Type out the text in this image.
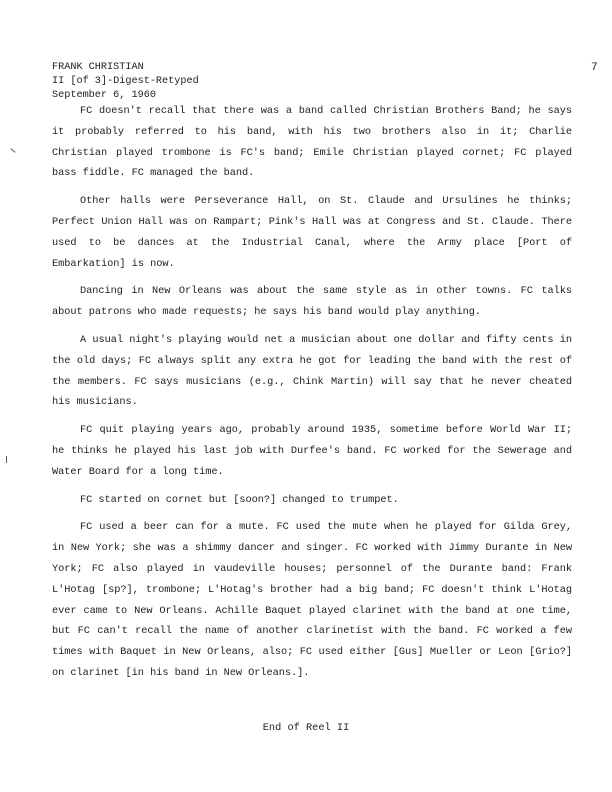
FRANK CHRISTIAN
II [of 3]-Digest-Retyped
September 6, 1960
7

FC doesn't recall that there was a band called Christian Brothers Band; he says it probably referred to his band, with his two brothers also in it; Charlie Christian played trombone is FC's band; Emile Christian played cornet; FC played bass fiddle. FC managed the band.

Other halls were Perseverance Hall, on St. Claude and Ursulines he thinks; Perfect Union Hall was on Rampart; Pink's Hall was at Congress and St. Claude. There used to be dances at the Industrial Canal, where the Army place [Port of Embarkation] is now.

Dancing in New Orleans was about the same style as in other towns. FC talks about patrons who made requests; he says his band would play anything.

A usual night's playing would net a musician about one dollar and fifty cents in the old days; FC always split any extra he got for leading the band with the rest of the members. FC says musicians (e.g., Chink Martin) will say that he never cheated his musicians.

FC quit playing years ago, probably around 1935, sometime before World War II; he thinks he played his last job with Durfee's band. FC worked for the Sewerage and Water Board for a long time.

FC started on cornet but [soon?] changed to trumpet.

FC used a beer can for a mute. FC used the mute when he played for Gilda Grey, in New York; she was a shimmy dancer and singer. FC worked with Jimmy Durante in New York; FC also played in vaudeville houses; personnel of the Durante band: Frank L'Hotag [sp?], trombone; L'Hotag's brother had a big band; FC doesn't think L'Hotag ever came to New Orleans. Achille Baquet played clarinet with the band at one time, but FC can't recall the name of another clarinetist with the band. FC worked a few times with Baquet in New Orleans, also; FC used either [Gus] Mueller or Leon [Grio?] on clarinet [in his band in New Orleans.].

End of Reel II
